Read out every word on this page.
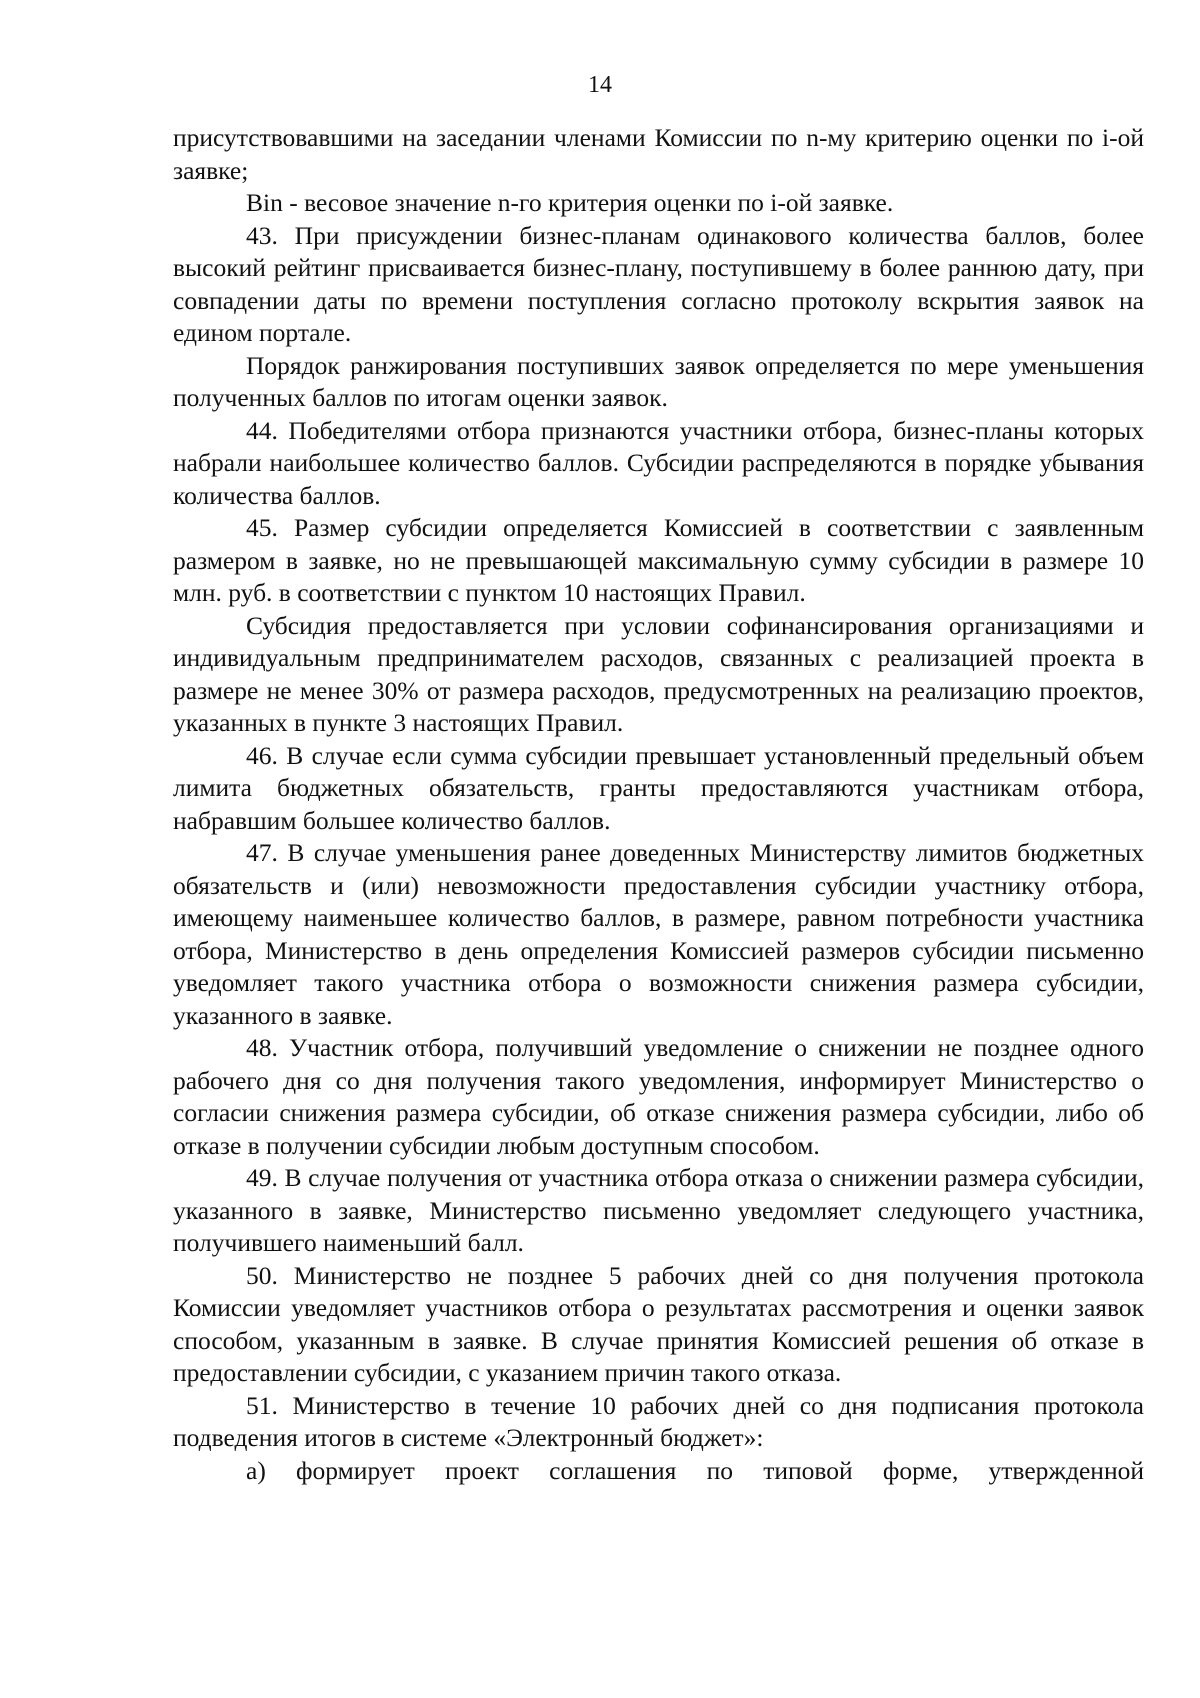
14

присутствовавшими на заседании членами Комиссии по n-му критерию оценки по i-ой заявке;

Bin - весовое значение n-го критерия оценки по i-ой заявке.

43. При присуждении бизнес-планам одинакового количества баллов, более высокий рейтинг присваивается бизнес-плану, поступившему в более раннюю дату, при совпадении даты по времени поступления согласно протоколу вскрытия заявок на едином портале.

Порядок ранжирования поступивших заявок определяется по мере уменьшения полученных баллов по итогам оценки заявок.

44. Победителями отбора признаются участники отбора, бизнес-планы которых набрали наибольшее количество баллов. Субсидии распределяются в порядке убывания количества баллов.

45. Размер субсидии определяется Комиссией в соответствии с заявленным размером в заявке, но не превышающей максимальную сумму субсидии в размере 10 млн. руб. в соответствии с пунктом 10 настоящих Правил.

Субсидия предоставляется при условии софинансирования организациями и индивидуальным предпринимателем расходов, связанных с реализацией проекта в размере не менее 30% от размера расходов, предусмотренных на реализацию проектов, указанных в пункте 3 настоящих Правил.

46. В случае если сумма субсидии превышает установленный предельный объем лимита бюджетных обязательств, гранты предоставляются участникам отбора, набравшим большее количество баллов.

47. В случае уменьшения ранее доведенных Министерству лимитов бюджетных обязательств и (или) невозможности предоставления субсидии участнику отбора, имеющему наименьшее количество баллов, в размере, равном потребности участника отбора, Министерство в день определения Комиссией размеров субсидии письменно уведомляет такого участника отбора о возможности снижения размера субсидии, указанного в заявке.

48. Участник отбора, получивший уведомление о снижении не позднее одного рабочего дня со дня получения такого уведомления, информирует Министерство о согласии снижения размера субсидии, об отказе снижения размера субсидии, либо об отказе в получении субсидии любым доступным способом.

49. В случае получения от участника отбора отказа о снижении размера субсидии, указанного в заявке, Министерство письменно уведомляет следующего участника, получившего наименьший балл.

50. Министерство не позднее 5 рабочих дней со дня получения протокола Комиссии уведомляет участников отбора о результатах рассмотрения и оценки заявок способом, указанным в заявке. В случае принятия Комиссией решения об отказе в предоставлении субсидии, с указанием причин такого отказа.

51. Министерство в течение 10 рабочих дней со дня подписания протокола подведения итогов в системе «Электронный бюджет»:

а) формирует проект соглашения по типовой форме, утвержденной
